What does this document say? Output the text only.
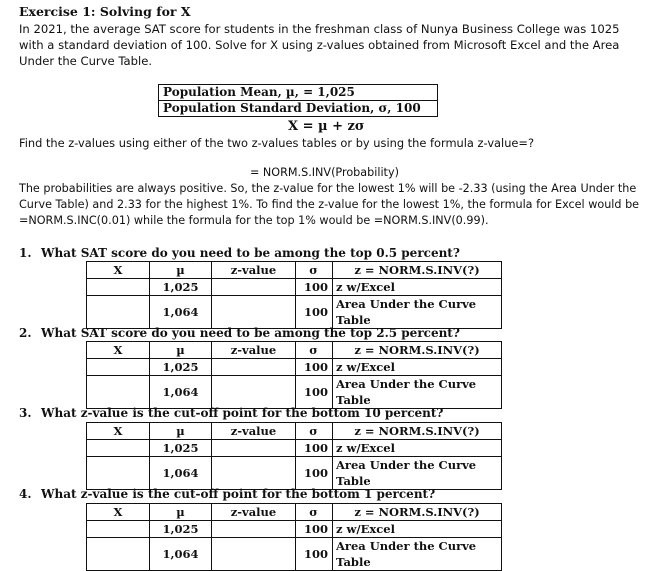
Exercise 1: Solving for X
In 2021, the average SAT score for students in the freshman class of Nunya Business College was 1025 with a standard deviation of 100. Solve for X using z-values obtained from Microsoft Excel and the Area Under the Curve Table.
Population Mean, µ, = 1,025
Population Standard Deviation, σ, 100
X = µ + zσ
Find the z-values using either of the two z-values tables or by using the formula z-value=?
= NORM.S.INV(Probability)
The probabilities are always positive. So, the z-value for the lowest 1% will be -2.33 (using the Area Under the Curve Table) and 2.33 for the highest 1%. To find the z-value for the lowest 1%, the formula for Excel would be =NORM.S.INC(0.01) while the formula for the top 1% would be =NORM.S.INV(0.99).
1. What SAT score do you need to be among the top 0.5 percent?
X	µ	z-value	σ	z = NORM.S.INV(?)
	1,025		100	z w/Excel
	1,064		100	Area Under the Curve Table
2. What SAT score do you need to be among the top 2.5 percent?
X	µ	z-value	σ	z = NORM.S.INV(?)
	1,025		100	z w/Excel
	1,064		100	Area Under the Curve Table
3. What z-value is the cut-off point for the bottom 10 percent?
X	µ	z-value	σ	z = NORM.S.INV(?)
	1,025		100	z w/Excel
	1,064		100	Area Under the Curve Table
4. What z-value is the cut-off point for the bottom 1 percent?
X	µ	z-value	σ	z = NORM.S.INV(?)
	1,025		100	z w/Excel
	1,064		100	Area Under the Curve Table
